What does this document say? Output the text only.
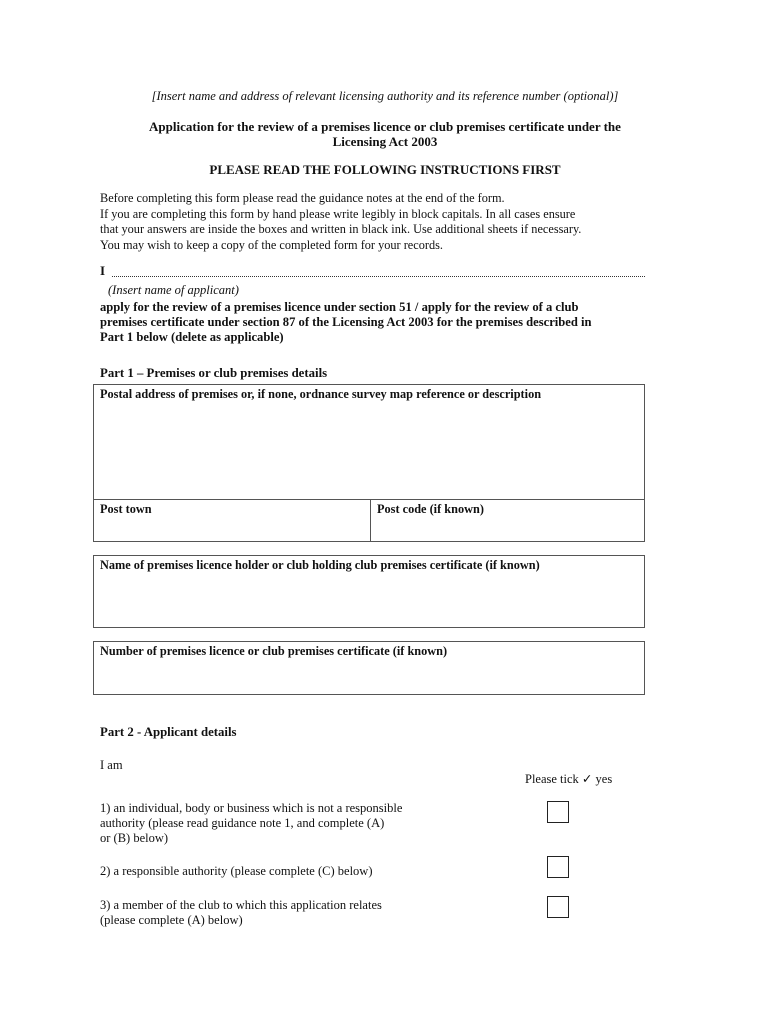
[Insert name and address of relevant licensing authority and its reference number (optional)]
Application for the review of a premises licence or club premises certificate under the
Licensing Act 2003
PLEASE READ THE FOLLOWING INSTRUCTIONS FIRST
Before completing this form please read the guidance notes at the end of the form.
If you are completing this form by hand please write legibly in block capitals. In all cases ensure
that your answers are inside the boxes and written in black ink. Use additional sheets if necessary.
You may wish to keep a copy of the completed form for your records.
I
(Insert name of applicant)
apply for the review of a premises licence under section 51 / apply for the review of a club
premises certificate under section 87 of the Licensing Act 2003 for the premises described in
Part 1 below (delete as applicable)
Part 1 – Premises or club premises details
Postal address of premises or, if none, ordnance survey map reference or description
Post town	Post code (if known)
Name of premises licence holder or club holding club premises certificate (if known)
Number of premises licence or club premises certificate (if known)
Part 2 - Applicant details
I am
Please tick ✓ yes
1) an individual, body or business which is not a responsible
authority (please read guidance note 1, and complete (A)
or (B) below)
2) a responsible authority (please complete (C) below)
3) a member of the club to which this application relates
(please complete (A) below)
